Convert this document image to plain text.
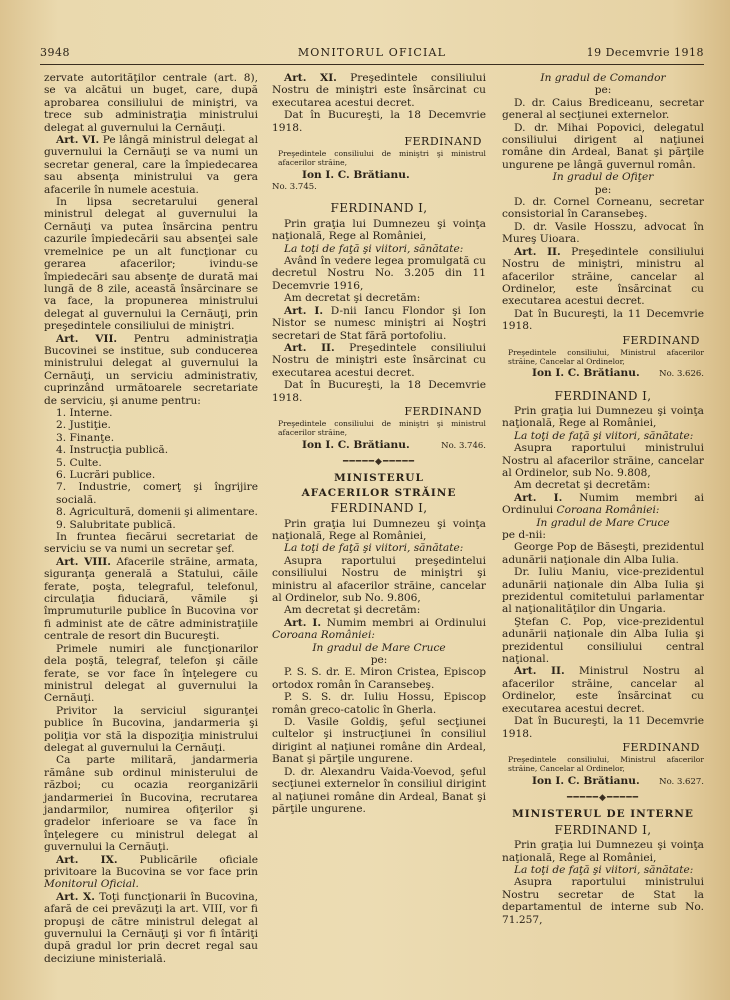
3948	MONITORUL OFICIAL	19 Decemvrie 1918

zervate autorităţilor centrale (art. 8), se va alcătui un buget, care, după aprobarea consiliului de miniştri, va trece sub administraţia ministrului delegat al guvernului la Cernăuţi.

Art. VI. Pe lângă ministrul delegat al guvernului la Cernăuţi se va numi un secretar general, care la împiedecarea sau absenţa ministrului va gera afacerile în numele acestuia.

In lipsa secretarului general ministrul delegat al guvernului la Cernăuţi va putea însărcina pentru cazurile împiedecării sau absenţei sale vremelnice pe un alt funcţionar cu gerarea afacerilor; ivindu-se împiedecări sau absenţe de durată mai lungă de 8 zile, această însărcinare se va face, la propunerea ministrului delegat al guvernului la Cernăuţi, prin preşedintele consiliului de miniştri.

Art. VII. Pentru administraţia Bucovinei se institue, sub conducerea ministrului delegat al guvernului la Cernăuţi, un serviciu administrativ, cuprinzând următoarele secretariate de serviciu, şi anume pentru:

1. Interne.
2. Justiţie.
3. Finanţe.
4. Instrucţia publică.
5. Culte.
6. Lucrări publice.
7. Industrie, comerţ şi îngrijire socială.
8. Agricultură, domenii şi alimentare.
9. Salubritate publică.

In fruntea fiecărui secretariat de serviciu se va numi un secretar şef.

Art. VIII. Afacerile străine, armata, siguranţa generală a Statului, căile ferate, poşta, telegraful, telefonul, circulaţia fiduciară, vămile şi împrumuturile publice în Bucovina vor fi administ ate de către administraţiile centrale de resort din Bucureşti.

Primele numiri ale funcţionarilor dela poştă, telegraf, telefon şi căile ferate, se vor face în înţelegere cu ministrul delegat al guvernului la Cernăuţi.

Privitor la serviciul siguranţei publice în Bucovina, jandarmeria şi poliţia vor stă la dispoziţia ministrului delegat al guvernului la Cernăuţi.

Ca parte militară, jandarmeria rămâne sub ordinul ministerului de război; cu ocazia reorganizării jandarmeriei în Bucovina, recrutarea jandarmilor, numirea ofiţerilor şi gradelor inferioare se va face în înţelegere cu ministrul delegat al guvernului la Cernăuţi.

Art. IX. Publicările oficiale privitoare la Bucovina se vor face prin Monitorul Oficial.

Art. X. Toţi funcţionarii în Bucovina, afară de cei prevăzuţi la art. VIII, vor fi propuşi de către ministrul delegat al guvernului la Cernăuţi şi vor fi întăriţi după gradul lor prin decret regal sau deciziune ministerială.

Art. XI. Preşedintele consiliului Nostru de miniştri este însărcinat cu executarea acestui decret.

Dat în Bucureşti, la 18 Decemvrie 1918.

FERDINAND
Preşedintele consiliului de miniştri şi ministrul afacerilor străine,
Ion I. C. Brătianu.
No. 3.745.
FERDINAND I,

Prin graţia lui Dumnezeu şi voinţa naţională, Rege al României,

La toţi de faţă şi viitori, sănătate:

Având în vedere legea promulgată cu decretul Nostru No. 3.205 din 11 Decemvrie 1916,

Am decretat şi decretăm:

Art. I. D-nii Iancu Flondor şi Ion Nistor se numesc miniştri ai Noştri secretari de Stat fără portofoliu.

Art. II. Preşedintele consiliului Nostru de miniştri este însărcinat cu executarea acestui decret.

Dat în Bucureşti, la 18 Decemvrie 1918.

FERDINAND
Preşedintele consiliului de miniştri şi ministrul afacerilor străine,
Ion I. C. Brătianu.	No. 3.746.
━━━━━◆━━━━━
MINISTERUL
AFACERILOR STRĂINE
FERDINAND I,

Prin graţia lui Dumnezeu şi voinţa naţională, Rege al României,

La toţi de faţă şi viitori, sănătate:

Asupra raportului preşedintelui consiliului Nostru de miniştri şi ministru al afacerilor străine, cancelar al Ordinelor, sub No. 9.806,

Am decretat şi decretăm:

Art. I. Numim membri ai Ordinului Coroana României:

In gradul de Mare Cruce

pe:

P. S. S. dr. E. Miron Cristea, Episcop ortodox român în Caransebeş.

P. S. S. dr. Iuliu Hossu, Episcop român greco-catolic în Gherla.

D. Vasile Goldiş, şeful secţiunei cultelor şi instrucţiunei în consiliul dirigint al naţiunei române din Ardeal, Banat şi părţile ungurene.

D. dr. Alexandru Vaida-Voevod, şeful secţiunei externelor în consiliul dirigint al naţiunei române din Ardeal, Banat şi părţile ungurene.

In gradul de Comandor

pe:

D. dr. Caius Brediceanu, secretar general al secţiunei externelor.

D. dr. Mihai Popovici, delegatul consiliului dirigent al naţiunei române din Ardeal, Banat şi părţile ungurene pe lângă guvernul român.

In gradul de Ofiţer

pe:

D. dr. Cornel Corneanu, secretar consistorial în Caransebeş.

D. dr. Vasile Hosszu, advocat în Mureş Uioara.

Art. II. Preşedintele consiliului Nostru de miniştri, ministru al afacerilor străine, cancelar al Ordinelor, este însărcinat cu executarea acestui decret.

Dat în Bucureşti, la 11 Decemvrie 1918.

FERDINAND
Preşedintele consiliului, Ministrul afacerilor străine, Cancelar al Ordinelor,
Ion I. C. Brătianu. No. 3.626.
FERDINAND I,

Prin graţia lui Dumnezeu şi voinţa naţională, Rege al României,

La toţi de faţă şi viitori, sănătate:

Asupra raportului ministrului Nostru al afacerilor străine, cancelar al Ordinelor, sub No. 9.808,

Am decretat şi decretăm:

Art. I. Numim membri ai Ordinului Coroana României:

In gradul de Mare Cruce

pe d-nii:

George Pop de Băseşti, prezidentul adunării naţionale din Alba Iulia.

Dr. Iuliu Maniu, vice-prezidentul adunării naţionale din Alba Iulia şi prezidentul comitetului parlamentar al naţionalităţilor din Ungaria.

Ştefan C. Pop, vice-prezidentul adunării naţionale din Alba Iulia şi prezidentul consiliului central naţional.

Art. II. Ministrul Nostru al afacerilor străine, cancelar al Ordinelor, este însărcinat cu executarea acestui decret.

Dat în Bucureşti, la 11 Decemvrie 1918.

FERDINAND
Preşedintele consiliului, Ministrul afacerilor străine, Cancelar al Ordinelor,
Ion I. C. Brătianu. No. 3.627.
━━━━━◆━━━━━
MINISTERUL DE INTERNE
FERDINAND I,

Prin graţia lui Dumnezeu şi voinţa naţională, Rege al României,

La toţi de faţă şi viitori, sănătate:

Asupra raportului ministrului Nostru secretar de Stat la departamentul de interne sub No. 71.257,
